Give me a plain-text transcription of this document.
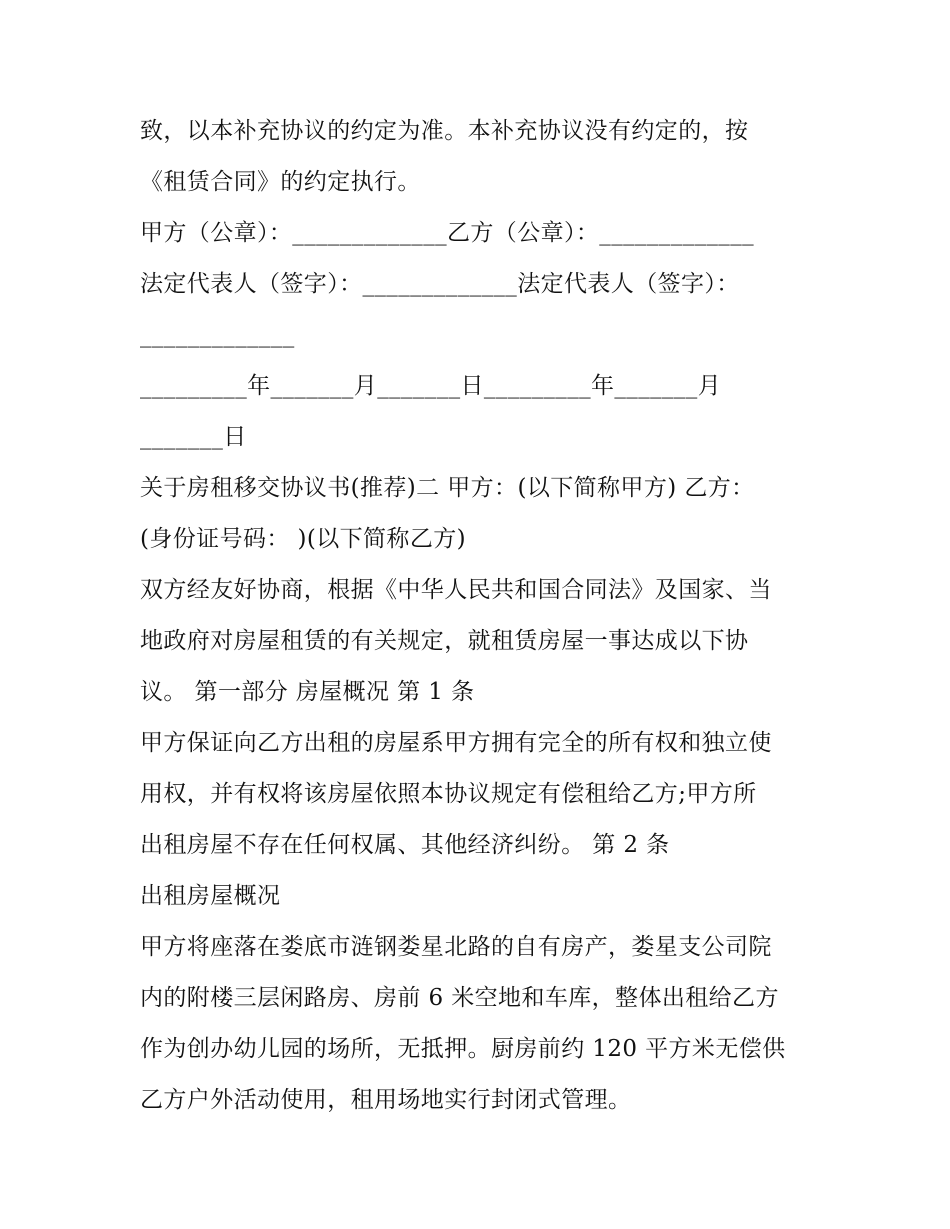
致，以本补充协议的约定为准。本补充协议没有约定的，按
《租赁合同》的约定执行。
甲方（公章）：_____________乙方（公章）：_____________
法定代表人（签字）：_____________法定代表人（签字）：
_____________
_________年_______月_______日_________年_______月
_______日
关于房租移交协议书(推荐)二 甲方：(以下简称甲方) 乙方：
(身份证号码： )(以下简称乙方)
双方经友好协商，根据《中华人民共和国合同法》及国家、当
地政府对房屋租赁的有关规定，就租赁房屋一事达成以下协
议。 第一部分 房屋概况 第 1 条
甲方保证向乙方出租的房屋系甲方拥有完全的所有权和独立使
用权，并有权将该房屋依照本协议规定有偿租给乙方;甲方所
出租房屋不存在任何权属、其他经济纠纷。 第 2 条
出租房屋概况
甲方将座落在娄底市涟钢娄星北路的自有房产，娄星支公司院
内的附楼三层闲路房、房前 6 米空地和车库，整体出租给乙方
作为创办幼儿园的场所，无抵押。厨房前约 120 平方米无偿供
乙方户外活动使用，租用场地实行封闭式管理。
